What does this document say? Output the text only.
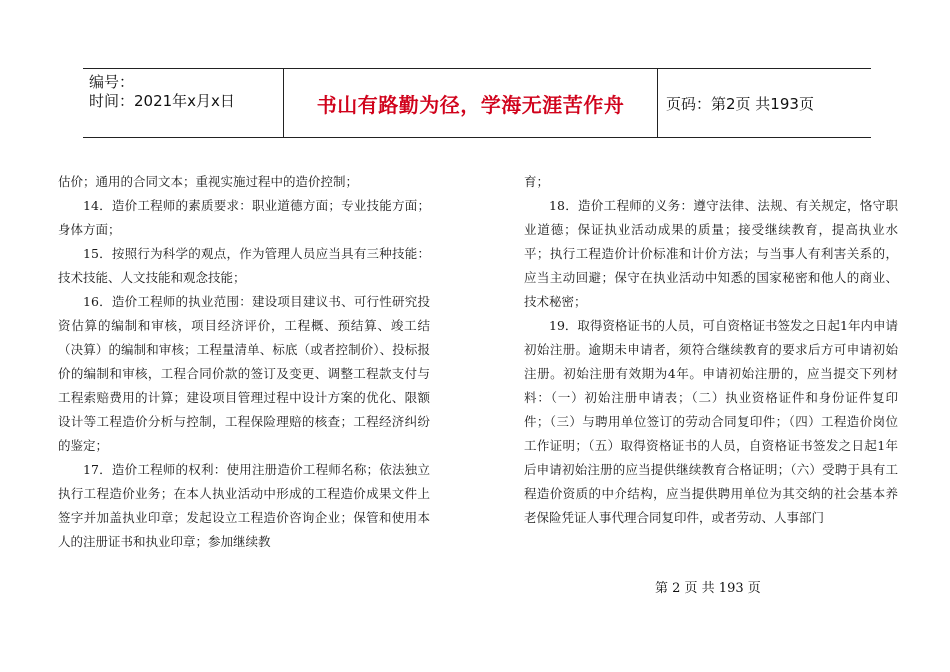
编号：
时间：2021年x月x日	书山有路勤为径，学海无涯苦作舟	页码：第2页 共193页

估价；通用的合同文本；重视实施过程中的造价控制；

14．造价工程师的素质要求：职业道德方面；专业技能方面；身体方面；

15．按照行为科学的观点，作为管理人员应当具有三种技能：技术技能、人文技能和观念技能；

16．造价工程师的执业范围：建设项目建议书、可行性研究投资估算的编制和审核，项目经济评价，工程概、预结算、竣工结（决算）的编制和审核；工程量清单、标底（或者控制价）、投标报价的编制和审核，工程合同价款的签订及变更、调整工程款支付与工程索赔费用的计算；建设项目管理过程中设计方案的优化、限额设计等工程造价分析与控制，工程保险理赔的核查；工程经济纠纷的鉴定；

17．造价工程师的权利：使用注册造价工程师名称；依法独立执行工程造价业务；在本人执业活动中形成的工程造价成果文件上签字并加盖执业印章；发起设立工程造价咨询企业；保管和使用本人的注册证书和执业印章；参加继续教

育；

18．造价工程师的义务：遵守法律、法规、有关规定，恪守职业道德；保证执业活动成果的质量；接受继续教育，提高执业水平；执行工程造价计价标准和计价方法；与当事人有利害关系的，应当主动回避；保守在执业活动中知悉的国家秘密和他人的商业、技术秘密；

19．取得资格证书的人员，可自资格证书签发之日起1年内申请初始注册。逾期未申请者，须符合继续教育的要求后方可申请初始注册。初始注册有效期为4年。申请初始注册的，应当提交下列材料：（一）初始注册申请表；（二）执业资格证件和身份证件复印件；（三）与聘用单位签订的劳动合同复印件；（四）工程造价岗位工作证明；（五）取得资格证书的人员，自资格证书签发之日起1年后申请初始注册的应当提供继续教育合格证明；（六）受聘于具有工程造价资质的中介结构，应当提供聘用单位为其交纳的社会基本养老保险凭证人事代理合同复印件，或者劳动、人事部门

第 2 页 共 193 页
